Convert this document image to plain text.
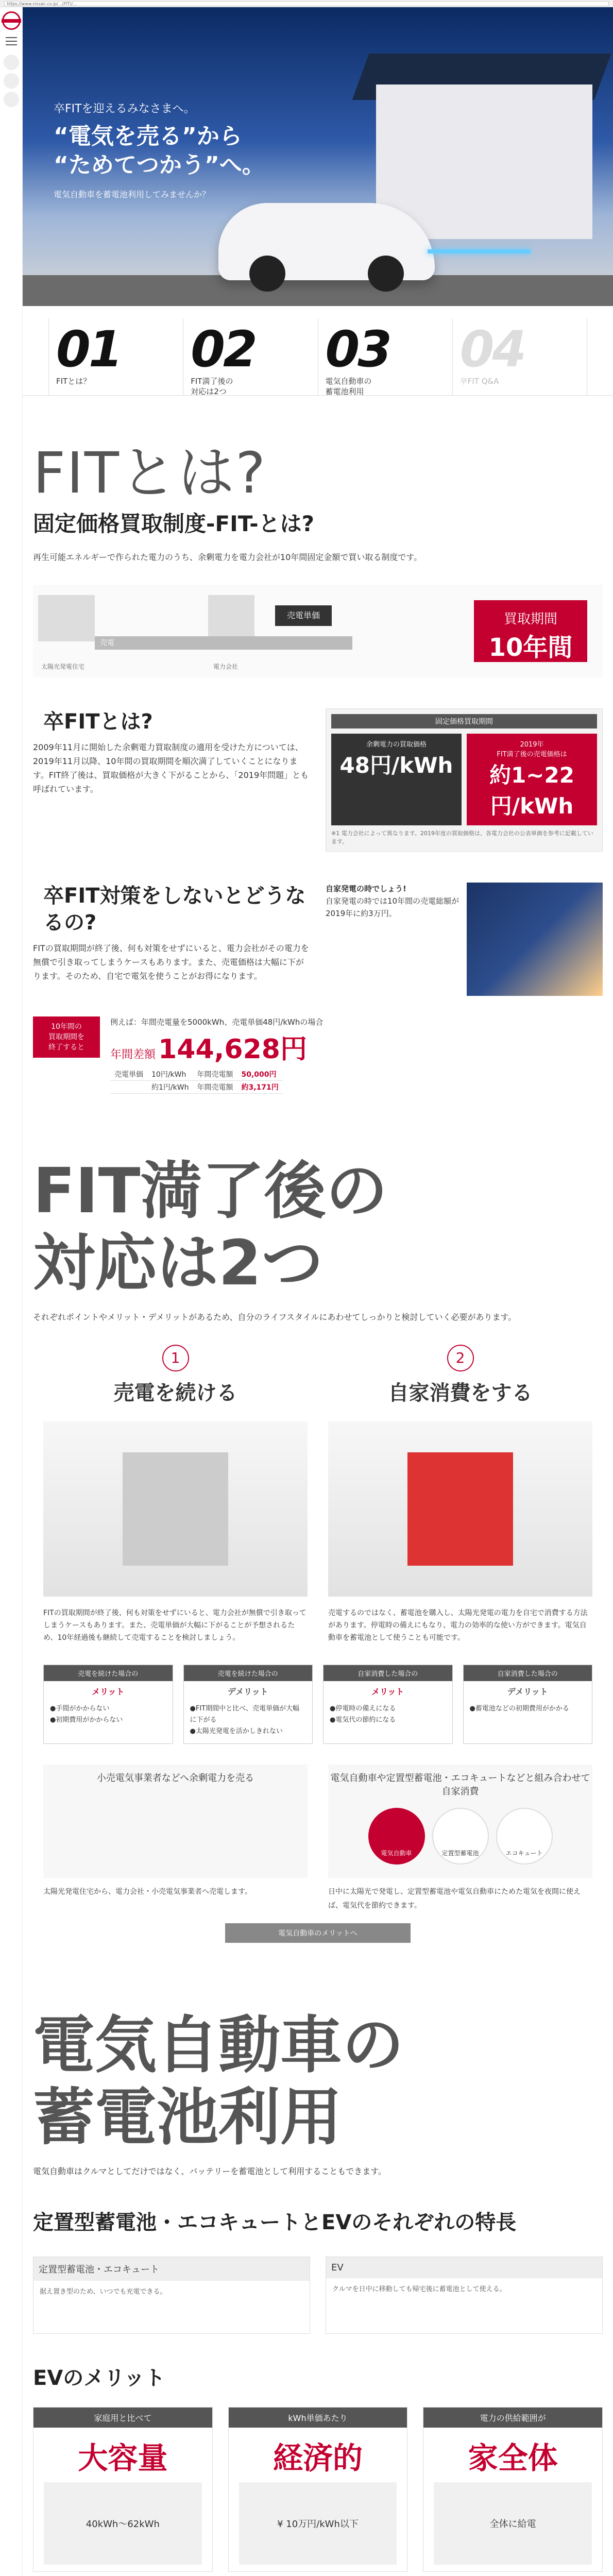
https://www.nissan.co.jp/...(FIT)/...
卒FITを迎えるみなさまへ。
“電気を売る”から
“ためてつかう”へ。
電気自動車を蓄電池利用してみませんか？
01
FITとは？
02
FIT満了後の
対応は2つ
03
電気自動車の
蓄電池利用
04
卒FIT Q&A
FITとは?
固定価格買取制度-FIT-とは?

再生可能エネルギーで作られた電力のうち、余剰電力を電力会社が10年間固定金額で買い取る制度です。

太陽光発電住宅	電力会社
売電
売電単価	買取期間
10年間
卒FITとは?

2009年11月に開始した余剰電力買取制度の適用を受けた方については、2019年11月以降、10年間の買取期間を順次満了していくことになります。FIT終了後は、買取価格が大きく下がることから、「2019年問題」とも呼ばれています。

固定価格買取期間
余剰電力の買取価格
48円/kWh
2019年
FIT満了後の売電価格は
約1~22円/kWh
※1 電力会社によって異なります。2019年度の買取価格は、各電力会社の公表単価を参考に記載しています。
卒FIT対策をしないとどうなるの?

FITの買取期間が終了後、何も対策をせずにいると、電力会社がその電力を無償で引き取ってしまうケースもあります。また、売電価格は大幅に下がります。そのため、自宅で電気を使うことがお得になります。

自家発電の時でしょう!
自家発電の時では10年間の売電総額が2019年に約3万円。
10年間の
買取期間を
終了すると
例えば：年間売電量を5000kWh、売電単価48円/kWhの場合
年間差額 144,628円
売電単価	10円/kWh	年間売電額	50,000円
	約1円/kWh	年間売電額	約3,171円
FIT満了後の
対応は2つ

それぞれポイントやメリット・デメリットがあるため、自分のライフスタイルにあわせてしっかりと検討していく必要があります。

1
売電を続ける
FITの買取期間が終了後、何も対策をせずにいると、電力会社が無償で引き取ってしまうケースもあります。また、売電単価が大幅に下がることが予想されるため、10年経過後も継続して売電することを検討しましょう。
2
自家消費をする
売電するのではなく、蓄電池を購入し、太陽光発電の電力を自宅で消費する方法があります。停電時の備えにもなり、電力の効率的な使い方ができます。電気自動車を蓄電池として使うことも可能です。
売電を続けた場合の
メリット
●手間がかからない
●初期費用がかからない
売電を続けた場合の
デメリット
●FIT期間中と比べ、売電単価が大幅に下がる
●太陽光発電を活かしきれない
自家消費した場合の
メリット
●停電時の備えになる
●電気代の節約になる
自家消費した場合の
デメリット
●蓄電池などの初期費用がかかる
小売電気事業者などへ余剰電力を売る

太陽光発電住宅から、電力会社・小売電気事業者へ売電します。

電気自動車や定置型蓄電池・エコキュートなどと組み合わせて自家消費
電気自動車	定置型蓄電池	エコキュート

日中に太陽光で発電し、定置型蓄電池や電気自動車にためた電気を夜間に使えば、電気代を節約できます。

電気自動車のメリットへ
電気自動車の
蓄電池利用

電気自動車はクルマとしてだけではなく、バッテリーを蓄電池として利用することもできます。

定置型蓄電池・エコキュートとEVのそれぞれの特長
定置型蓄電池・エコキュート
据え置き型のため、いつでも充電できる。
EV
クルマを日中に移動しても帰宅後に蓄電池として使える。
EVのメリット
家庭用と比べて
大容量
40kWh〜62kWh
kWh単価あたり
経済的
¥ 10万円/kWh以下
電力の供給範囲が
家全体
全体に給電
